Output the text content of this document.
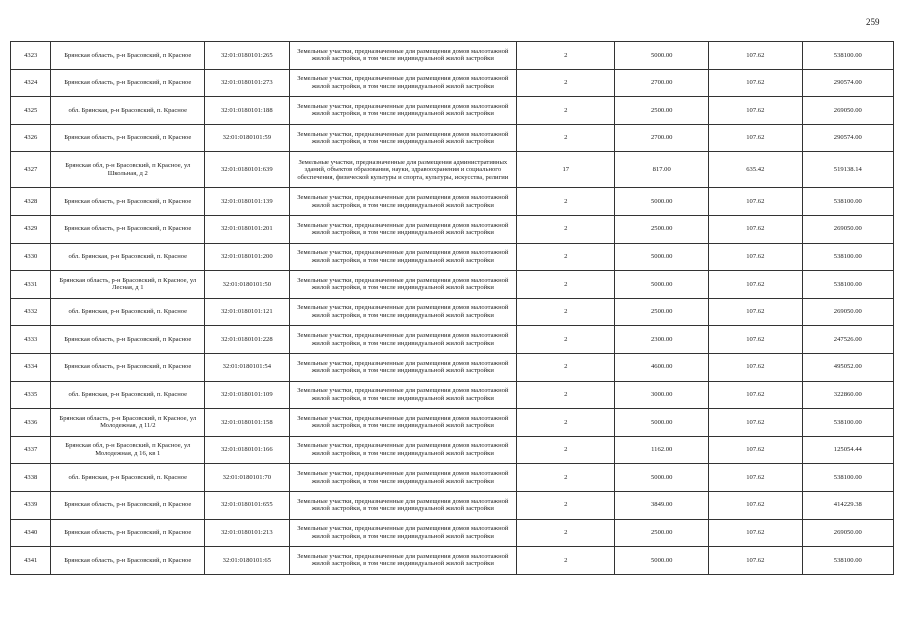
259
4323	Брянская область, р-н Брасовский, п Красное	32:01:0180101:265	Земельные участки, предназначенные для размещения домов малоэтажной жилой застройки, в том числе индивидуальной жилой застройки	2	5000.00	107.62	538100.00
4324	Брянская область, р-н Брасовский, п Красное	32:01:0180101:273	Земельные участки, предназначенные для размещения домов малоэтажной жилой застройки, в том числе индивидуальной жилой застройки	2	2700.00	107.62	290574.00
4325	обл. Брянская, р-н Брасовский, п. Красное	32:01:0180101:188	Земельные участки, предназначенные для размещения домов малоэтажной жилой застройки, в том числе индивидуальной жилой застройки	2	2500.00	107.62	269050.00
4326	Брянская область, р-н Брасовский, п Красное	32:01:0180101:59	Земельные участки, предназначенные для размещения домов малоэтажной жилой застройки, в том числе индивидуальной жилой застройки	2	2700.00	107.62	290574.00
4327	Брянская обл, р-н Брасовский, п Красное, ул Школьная, д 2	32:01:0180101:639	Земельные участки, предназначенные для размещения административных зданий, объектов образования, науки, здравоохранения и социального обеспечения, физической культуры и спорта, культуры, искусства, религии	17	817.00	635.42	519138.14
4328	Брянская область, р-н Брасовский, п Красное	32:01:0180101:139	Земельные участки, предназначенные для размещения домов малоэтажной жилой застройки, в том числе индивидуальной жилой застройки	2	5000.00	107.62	538100.00
4329	Брянская область, р-н Брасовский, п Красное	32:01:0180101:201	Земельные участки, предназначенные для размещения домов малоэтажной жилой застройки, в том числе индивидуальной жилой застройки	2	2500.00	107.62	269050.00
4330	обл. Брянская, р-н Брасовский, п. Красное	32:01:0180101:200	Земельные участки, предназначенные для размещения домов малоэтажной жилой застройки, в том числе индивидуальной жилой застройки	2	5000.00	107.62	538100.00
4331	Брянская область, р-н Брасовский, п Красное, ул Лесная, д 1	32:01:0180101:50	Земельные участки, предназначенные для размещения домов малоэтажной жилой застройки, в том числе индивидуальной жилой застройки	2	5000.00	107.62	538100.00
4332	обл. Брянская, р-н Брасовский, п. Красное	32:01:0180101:121	Земельные участки, предназначенные для размещения домов малоэтажной жилой застройки, в том числе индивидуальной жилой застройки	2	2500.00	107.62	269050.00
4333	Брянская область, р-н Брасовский, п Красное	32:01:0180101:228	Земельные участки, предназначенные для размещения домов малоэтажной жилой застройки, в том числе индивидуальной жилой застройки	2	2300.00	107.62	247526.00
4334	Брянская область, р-н Брасовский, п Красное	32:01:0180101:54	Земельные участки, предназначенные для размещения домов малоэтажной жилой застройки, в том числе индивидуальной жилой застройки	2	4600.00	107.62	495052.00
4335	обл. Брянская, р-н Брасовский, п. Красное	32:01:0180101:109	Земельные участки, предназначенные для размещения домов малоэтажной жилой застройки, в том числе индивидуальной жилой застройки	2	3000.00	107.62	322860.00
4336	Брянская область, р-н Брасовский, п Красное, ул Молодежная, д 11/2	32:01:0180101:158	Земельные участки, предназначенные для размещения домов малоэтажной жилой застройки, в том числе индивидуальной жилой застройки	2	5000.00	107.62	538100.00
4337	Брянская обл, р-н Брасовский, п Красное, ул Молодежная, д 16, кв 1	32:01:0180101:166	Земельные участки, предназначенные для размещения домов малоэтажной жилой застройки, в том числе индивидуальной жилой застройки	2	1162.00	107.62	125054.44
4338	обл. Брянская, р-н Брасовский, п. Красное	32:01:0180101:70	Земельные участки, предназначенные для размещения домов малоэтажной жилой застройки, в том числе индивидуальной жилой застройки	2	5000.00	107.62	538100.00
4339	Брянская область, р-н Брасовский, п Красное	32:01:0180101:655	Земельные участки, предназначенные для размещения домов малоэтажной жилой застройки, в том числе индивидуальной жилой застройки	2	3849.00	107.62	414229.38
4340	Брянская область, р-н Брасовский, п Красное	32:01:0180101:213	Земельные участки, предназначенные для размещения домов малоэтажной жилой застройки, в том числе индивидуальной жилой застройки	2	2500.00	107.62	269050.00
4341	Брянская область, р-н Брасовский, п Красное	32:01:0180101:65	Земельные участки, предназначенные для размещения домов малоэтажной жилой застройки, в том числе индивидуальной жилой застройки	2	5000.00	107.62	538100.00
